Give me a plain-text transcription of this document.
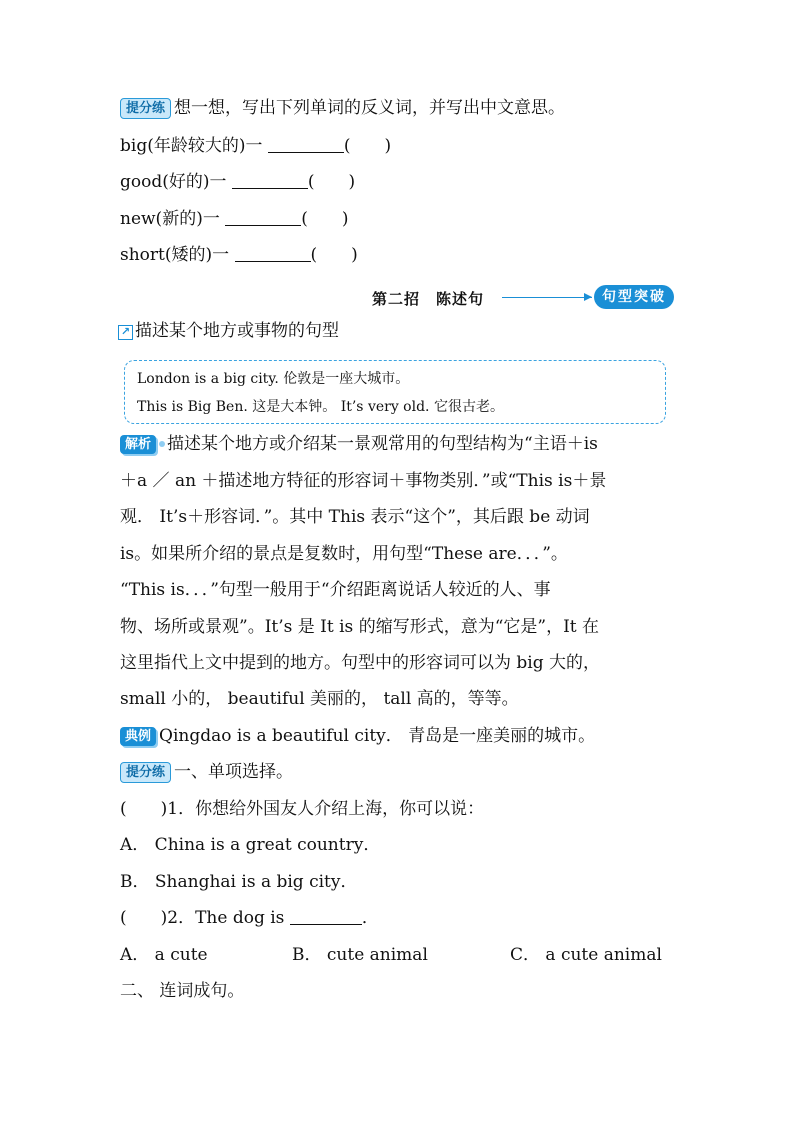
提分练 想一想，写出下列单词的反义词，并写出中文意思。
big(年龄较大的)一	(　　)
good(好的)一	(　　)
new(新的)一	(　　)
short(矮的)一	(　　)
第二招　陈述句	句型突破
↗ 描述某个地方或事物的句型
London is a big city. 伦敦是一座大城市。
This is Big Ben. 这是大本钟。 It’s very old. 它很古老。
解析 描述某个地方或介绍某一景观常用的句型结构为“主语＋is
＋a ／ an ＋描述地方特征的形容词＋事物类别．”或“This is＋景
观． It’s＋形容词．”。其中 This 表示“这个”，其后跟 be 动词
is。如果所介绍的景点是复数时，用句型“These are．．．”。
“This is．．．”句型一般用于“介绍距离说话人较近的人、事
物、场所或景观”。It’s 是 It is 的缩写形式，意为“它是”，It 在
这里指代上文中提到的地方。句型中的形容词可以为 big 大的，
small 小的， beautiful 美丽的， tall 高的，等等。
典例 Qingdao is a beautiful city． 青岛是一座美丽的城市。
提分练 一、单项选择。
(　　)1．你想给外国友人介绍上海，你可以说：
A． China is a great country．
B． Shanghai is a big city．
(　　)2．The dog is	．
A． a cute	B． cute animal	C． a cute animal
二、 连词成句。
